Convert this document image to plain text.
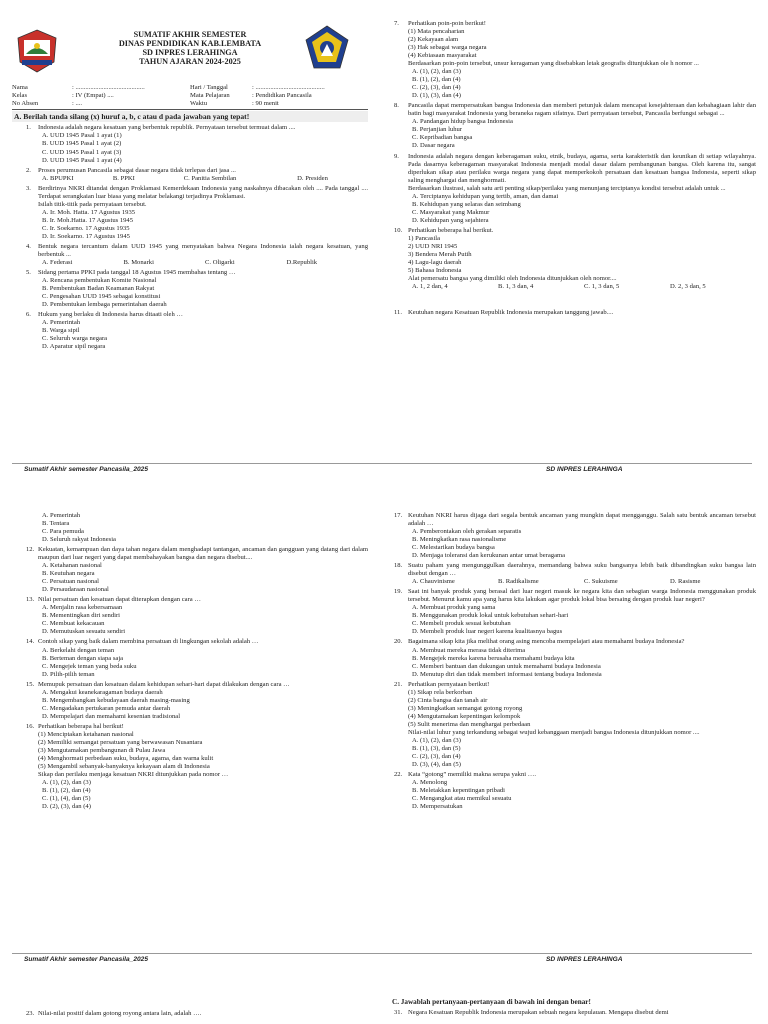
SUMATIF AKHIR SEMESTER
DINAS PENDIDIKAN KAB.LEMBATA
SD INPRES LERAHINGA
TAHUN AJARAN 2024-2025
Nama	: ..........................................	Hari / Tanggal	: ..........................................
Kelas	: IV (Empat) ....	Mata Pelajaran	: Pendidikan Pancasila
No Absen	: ....	Waktu	: 90 menit
A. Berilah tanda silang (x) huruf a, b, c atau d pada jawaban yang tepat!
1. Indonesia adalah negara kesatuan yang berbentuk republik. Pernyataan tersebut termuat dalam ....
A. UUD 1945 Pasal 1 ayat (1)
B. UUD 1945 Pasal 1 ayat (2)
C. UUD 1945 Pasal 1 ayat (3)
D. UUD 1945 Pasal 1 ayat (4)
2. Proses perumusan Pancasila sebagai dasar negara tidak terlepas dari jasa ...
A. BPUPKI	B. PPKI	C. Panitia Sembilan	D. Presiden
3. Berdirinya NKRI ditandai dengan Proklamasi Kemerdekaan Indonesia yang naskahnya dibacakan oleh .... Pada tanggal .... Terdapat serangkaian luar biasa yang melatar belakangi terjadinya Proklamasi.
Isilah titik-titik pada pernyataan tersebut.
A. Ir. Moh. Hatta. 17 Agustus 1935
B. Ir. Moh.Hatta. 17 Agustus 1945
C. Ir. Soekarno. 17 Agustus 1935
D. Ir. Soekarno. 17 Agustus 1945
4. Bentuk negara tercantum dalam UUD 1945 yang menyatakan bahwa Negara Indonesia ialah negara kesatuan, yang berbentuk ...
A. Federasi	B. Monarki	C. Oligarki	D.Republik
5. Sidang pertama PPKI pada tanggal 18 Agustus 1945 membahas tentang …
A. Rencana pembentukan Komite Nasional
B. Pembentukan Badan Keamanan Rakyat
C. Pengesahan UUD 1945 sebagai konstitusi
D. Pembentukan lembaga pemerintahan daerah
6. Hukum yang berlaku di Indonesia harus ditaati oleh …
A. Pemerintah
B. Warga sipil
C. Seluruh warga negara
D. Aparatur sipil negara
7. Perhatikan poin-poin berikut!
(1) Mata pencaharian
(2) Kekayaan alam
(3) Hak sebagai warga negara
(4) Kebiasaan masyarakat
Berdasarkan poin-poin tersebut, unsur keragaman yang disebabkan letak geografis ditunjukkan ole h nomor ...
A. (1), (2), dan (3)
B. (1), (2), dan (4)
C. (2), (3), dan (4)
D. (1), (3), dan (4)
8. Pancasila dapat mempersatukan bangsa Indonesia dan memberi petunjuk dalam mencapai kesejahteraan dan kebahagiaan lahir dan batin bagi masyarakat Indonesia yang beraneka ragam sifatnya. Dari pernyataan tersebut, Pancasila berfungsi sebagai ...
A. Pandangan hidup bangsa Indonesia
B. Perjanjian luhur
C. Kepribadian bangsa
D. Dasar negara
9. Indonesia adalah negara dengan keberagaman suku, etnik, budaya, agama, serta karakteristik dan keunikan di setiap wilayahnya. Pada dasarnya keberagaman masyarakat Indonesia menjadi modal dasar dalam pembangunan bangsa. Oleh karena itu, sangat diperlukan sikap atau perilaku warga negara yang dapat memperkokoh persatuan dan kesatuan bangsa Indonesia, seperti sikap saling menghargai dan menghormati.
Berdasarkan ilustrasi, salah satu arti penting sikap/perilaku yang menunjang terciptanya kondisi tersebut adalah untuk ...
A. Terciptanya kehidupan yang tertib, aman, dan damai
B. Kehidupan yang selaras dan seimbang
C. Masyarakat yang Makmur
D. Kehidupan yang sejahtera
10. Perhatikan beberapa hal berikut.
1) Pancasila
2) UUD NRI 1945
3) Bendera Merah Putih
4) Lagu-lagu daerah
5) Bahasa Indonesia
Alat pemersatu bangsa yang dimiliki oleh Indonesia ditunjukkan oleh nomor....
A. 1, 2 dan, 4	B. 1, 3 dan, 4	C. 1, 3 dan, 5	D. 2, 3 dan, 5
11. Keutuhan negara Kesatuan Republik Indonesia merupakan tanggung jawab....
Sumatif Akhir semester Pancasila_2025	SD INPRES LERAHINGA
A. Pemerintah
B. Tentara
C. Para pemuda
D. Seluruh rakyat Indonesia
12. Kekuatan, kemampuan dan daya tahan negara dalam menghadapi tantangan, ancaman dan gangguan yang datang dari dalam maupun dari luar negeri yang dapat membahayakan bangsa dan negara disebut....
A. Ketahanan nasional
B. Keutuhan negara
C. Persatuan nasional
D. Persaudaraan nasional
13. Nilai persatuan dan kesatuan dapat diterapkan dengan cara …
A. Menjalin rasa kebersamaan
B. Mementingkan diri sendiri
C. Membuat kekacauan
D. Memutuskan sesuatu sendiri
14. Contoh sikap yang baik dalam membina persatuan di lingkungan sekolah adalah …
A. Berkelahi dengan teman
B. Berteman dengan siapa saja
C. Mengejek teman yang beda suku
D. Pilih-pilih teman
15. Memupuk persatuan dan kesatuan dalam kehidupan sehari-hari dapat dilakukan dengan cara …
A. Mengakui keanekaragaman budaya daerah
B. Mengembangkan kebudayaan daerah masing-masing
C. Mengadakan pertukaran pemuda antar daerah
D. Mempelajari dan memahami kesenian tradisional
16. Perhatikan beberapa hal berikut!
(1) Menciptakan ketahanan nasional
(2) Memiliki semangat persatuan yang berwawasan Nusantara
(3) Mengutamakan pembangunan di Pulau Jawa
(4) Menghormati perbedaan suku, budaya, agama, dan warna kulit
(5) Mengambil sebanyak-banyaknya kekayaan alam di Indonesia
Sikap dan perilaku menjaga kesatuan NKRI ditunjukkan pada nomor …
A. (1), (2), dan (3)
B. (1), (2), dan (4)
C. (1), (4), dan (5)
D. (2), (3), dan (4)
17. Keutuhan NKRI harus dijaga dari segala bentuk ancaman yang mungkin dapat mengganggu. Salah satu bentuk ancaman tersebut adalah …
A. Pemberontakan oleh gerakan separatis
B. Meningkatkan rasa nasionalisme
C. Melestarikan budaya bangsa
D. Menjaga toleransi dan kerukunan antar umat beragama
18. Suatu paham yang mengunggulkan daerahnya, memandang bahwa suku bangsanya lebih baik dibandingkan suku bangsa lain disebut dengan …
A. Chauvinisme	B. Radikalisme	C. Sukuisme	D. Rasisme
19. Saat ini banyak produk yang berasal dari luar negeri masuk ke negara kita dan sebagian warga Indonesia menggunakan produk tersebut. Menurut kamu apa yang harus kita lakukan agar produk lokal bisa bersaing dengan produk luar negeri?
A. Membuat produk yang sama
B. Menggunakan produk lokal untuk kebutuhan sehari-hari
C. Membeli produk sesuai kebutuhan
D. Membeli produk luar negeri karena kualitasnya bagus
20. Bagaimana sikap kita jika melihat orang asing mencoba mempelajari atau memahami budaya Indonesia?
A. Membuat mereka merasa tidak diterima
B. Mengejek mereka karena berusaha memahami budaya kita
C. Memberi bantuan dan dukungan untuk memahami budaya Indonesia
D. Menutup diri dan tidak memberi informasi tentang budaya Indonesia
21. Perhatikan pernyataan berikut!
(1) Sikap rela berkorban
(2) Cinta bangsa dan tanah air
(3) Meningkatkan semangat gotong royong
(4) Mengutamakan kepentingan kelompok
(5) Sulit menerima dan menghargai perbedaan
Nilai-nilai luhur yang terkandung sebagai wujud kebanggaan menjadi bangsa Indonesia ditunjukkan nomor ....
A. (1), (2), dan (3)
B. (1), (3), dan (5)
C. (2), (3), dan (4)
D. (3), (4), dan (5)
22. Kata “gotong” memiliki makna serupa yakni ….
A. Menolong
B. Meletakkan kepentingan pribadi
C. Mengangkat atau memikul sesuatu
D. Mempersatukan
Sumatif Akhir semester Pancasila_2025	SD INPRES LERAHINGA
23. Nilai-nilai positif dalam gotong royong antara lain, adalah ….
C. Jawablah pertanyaan-pertanyaan di bawah ini dengan benar!
31. Negara Kesatuan Republik Indonesia merupakan sebuah negara kepulauan. Mengapa disebut demi
